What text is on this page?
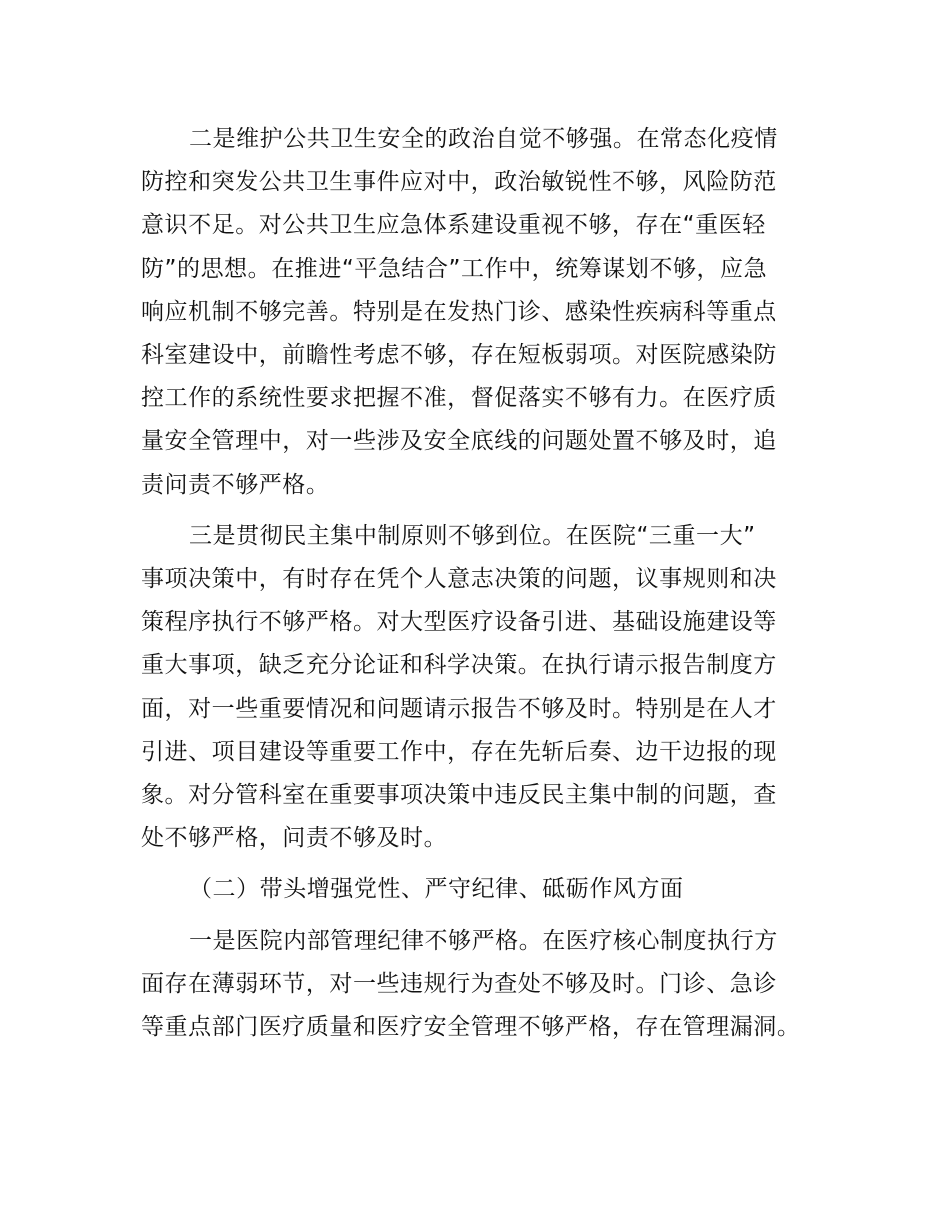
二是维护公共卫生安全的政治自觉不够强。在常态化疫情
防控和突发公共卫生事件应对中，政治敏锐性不够，风险防范
意识不足。对公共卫生应急体系建设重视不够，存在“重医轻
防”的思想。在推进“平急结合”工作中，统筹谋划不够，应急
响应机制不够完善。特别是在发热门诊、感染性疾病科等重点
科室建设中，前瞻性考虑不够，存在短板弱项。对医院感染防
控工作的系统性要求把握不准，督促落实不够有力。在医疗质
量安全管理中，对一些涉及安全底线的问题处置不够及时，追
责问责不够严格。

三是贯彻民主集中制原则不够到位。在医院“三重一大”
事项决策中，有时存在凭个人意志决策的问题，议事规则和决
策程序执行不够严格。对大型医疗设备引进、基础设施建设等
重大事项，缺乏充分论证和科学决策。在执行请示报告制度方
面，对一些重要情况和问题请示报告不够及时。特别是在人才
引进、项目建设等重要工作中，存在先斩后奏、边干边报的现
象。对分管科室在重要事项决策中违反民主集中制的问题，查
处不够严格，问责不够及时。

（二）带头增强党性、严守纪律、砥砺作风方面

一是医院内部管理纪律不够严格。在医疗核心制度执行方
面存在薄弱环节，对一些违规行为查处不够及时。门诊、急诊
等重点部门医疗质量和医疗安全管理不够严格，存在管理漏洞。
